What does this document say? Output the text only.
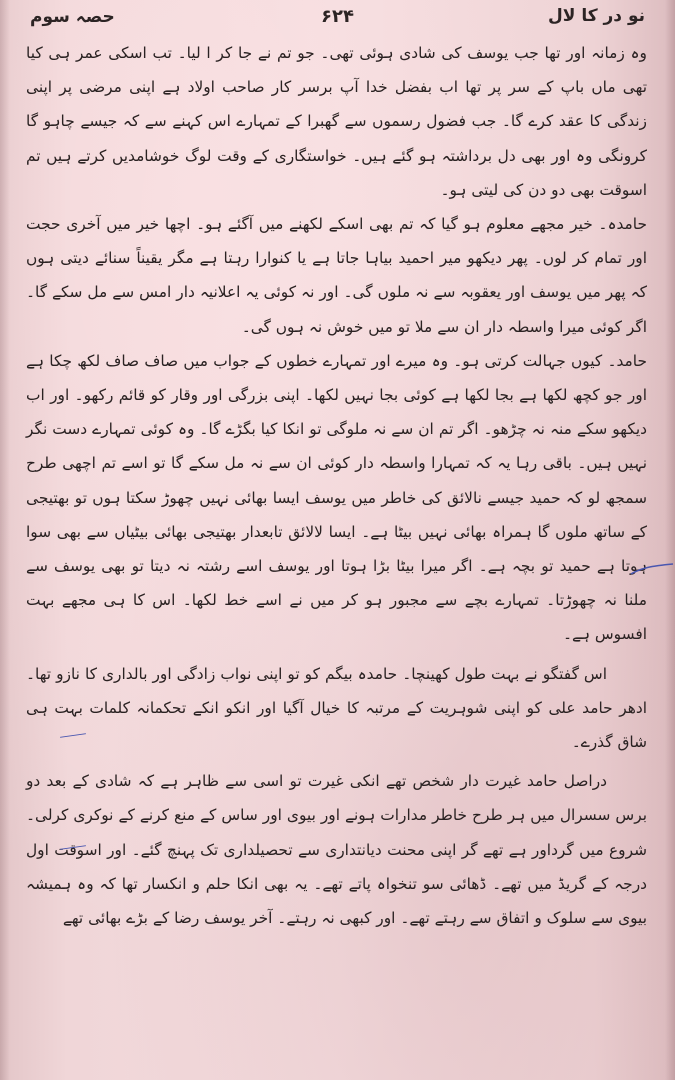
نو در کا لال
۶۲۴
حصہ سوم

وہ زمانہ اور تھا جب یوسف کی شادی ہوئی تھی۔ جو تم نے جا کر ا لیا۔ تب اسکی عمر ہی کیا تھی ماں باپ کے سر پر تھا اب بفضل خدا آپ برسر کار صاحب اولاد ہے اپنی مرضی پر اپنی زندگی کا عقد کرے گا۔ جب فضول رسموں سے گھبرا کے تمہارے اس کہنے سے کہ جیسے چاہو گا کرونگی وہ اور بھی دل برداشتہ ہو گئے ہیں۔ خواستگاری کے وقت لوگ خوشامدیں کرتے ہیں تم اسوقت بھی دو دن کی لیتی ہو۔

حامدہ۔ خیر مجھے معلوم ہو گیا کہ تم بھی اسکے لکھنے میں آگئے ہو۔ اچھا خیر میں آخری حجت اور تمام کر لوں۔ پھر دیکھو میر احمید بیاہا جاتا ہے یا کنوارا رہتا ہے مگر یقیناً سنائے دیتی ہوں کہ پھر میں یوسف اور یعقوبہ سے نہ ملوں گی۔ اور نہ کوئی یہ اعلانیہ دار امس سے مل سکے گا۔ اگر کوئی میرا واسطہ دار ان سے ملا تو میں خوش نہ ہوں گی۔

حامد۔ کیوں جہالت کرتی ہو۔ وہ میرے اور تمہارے خطوں کے جواب میں صاف صاف لکھ چکا ہے اور جو کچھ لکھا ہے بجا لکھا ہے کوئی بجا نہیں لکھا۔ اپنی بزرگی اور وقار کو قائم رکھو۔ اور اب دیکھو سکے منہ نہ چڑھو۔ اگر تم ان سے نہ ملوگی تو انکا کیا بگڑے گا۔ وہ کوئی تمہارے دست نگر نہیں ہیں۔ باقی رہا یہ کہ تمہارا واسطہ دار کوئی ان سے نہ مل سکے گا تو اسے تم اچھی طرح سمجھ لو کہ حمید جیسے نالائق کی خاطر میں یوسف ایسا بھائی نہیں چھوڑ سکتا ہوں تو بھتیجی کے ساتھ ملوں گا ہمراہ بھائی نہیں بیٹا ہے۔ ایسا لالائق تابعدار بھتیجی بھائی بیٹیاں سے بھی سوا ہوتا ہے حمید تو بچہ ہے۔ اگر میرا بیٹا بڑا ہوتا اور یوسف اسے رشتہ نہ دیتا تو بھی یوسف سے ملنا نہ چھوڑتا۔ تمہارے بچے سے مجبور ہو کر میں نے اسے خط لکھا۔ اس کا ہی مجھے بہت افسوس ہے۔

اس گفتگو نے بہت طول کھینچا۔ حامدہ بیگم کو تو اپنی نواب زادگی اور بالداری کا نازو تھا۔ ادھر حامد علی کو اپنی شوہریت کے مرتبہ کا خیال آگیا اور انکو انکے تحکمانہ کلمات بہت ہی شاق گذرے۔

دراصل حامد غیرت دار شخص تھے انکی غیرت تو اسی سے ظاہر ہے کہ شادی کے بعد دو برس سسرال میں ہر طرح خاطر مدارات ہونے اور بیوی اور ساس کے منع کرنے کے نوکری کرلی۔ شروع میں گرداور ہے تھے گر اپنی محنت دیانتداری سے تحصیلداری تک پہنچ گئے۔ اور اسوقت اول درجہ کے گریڈ میں تھے۔ ڈھائی سو تنخواہ پاتے تھے۔ یہ بھی انکا حلم و انکسار تھا کہ وہ ہمیشہ بیوی سے سلوک و اتفاق سے رہتے تھے۔ اور کبھی نہ رہتے۔ آخر یوسف رضا کے بڑے بھائی تھے
